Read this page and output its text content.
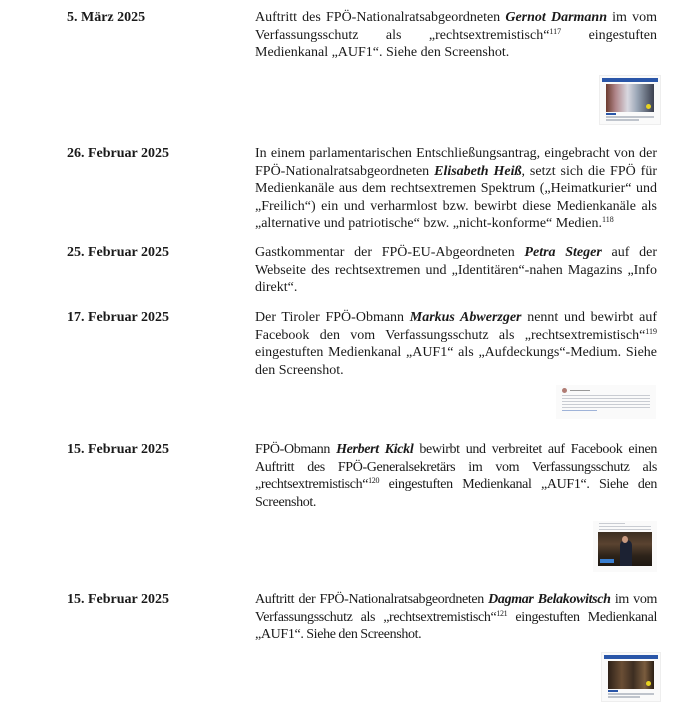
5. März 2025	Auftritt des FPÖ-Nationalratsabgeordneten Gernot Darmann im vom Verfassungsschutz als „rechtsextremistisch“$^{117}$ eingestuften Medienkanal „AUF1“. Siehe den Screenshot.
26. Februar 2025	In einem parlamentarischen Entschließungsantrag, eingebracht von der FPÖ-Nationalratsabgeordneten Elisabeth Heiß, setzt sich die FPÖ für Medienkanäle aus dem rechtsextremen Spektrum („Heimatkurier“ und „Freilich“) ein und verharmlost bzw. bewirbt diese Medienkanäle als „alternative und patriotische“ bzw. „nicht-konforme“ Medien.$^{118}$
25. Februar 2025	Gastkommentar der FPÖ-EU-Abgeordneten Petra Steger auf der Webseite des rechtsextremen und „Identitären“-nahen Magazins „Info direkt“.
17. Februar 2025	Der Tiroler FPÖ-Obmann Markus Abwerzger nennt und bewirbt auf Facebook den vom Verfassungsschutz als „rechtsextremistisch“$^{119}$ eingestuften Medienkanal „AUF1“ als „Aufdeckungs“-Medium. Siehe den Screenshot.
15. Februar 2025	FPÖ-Obmann Herbert Kickl bewirbt und verbreitet auf Facebook einen Auftritt des FPÖ-Generalsekretärs im vom Verfassungsschutz als „rechtsextremistisch“$^{120}$ eingestuften Medienkanal „AUF1“. Siehe den Screenshot.
15. Februar 2025	Auftritt der FPÖ-Nationalratsabgeordneten Dagmar Belakowitsch im vom Verfassungsschutz als „rechtsextremistisch“$^{121}$ eingestuften Medienkanal „AUF1“. Siehe den Screenshot.
